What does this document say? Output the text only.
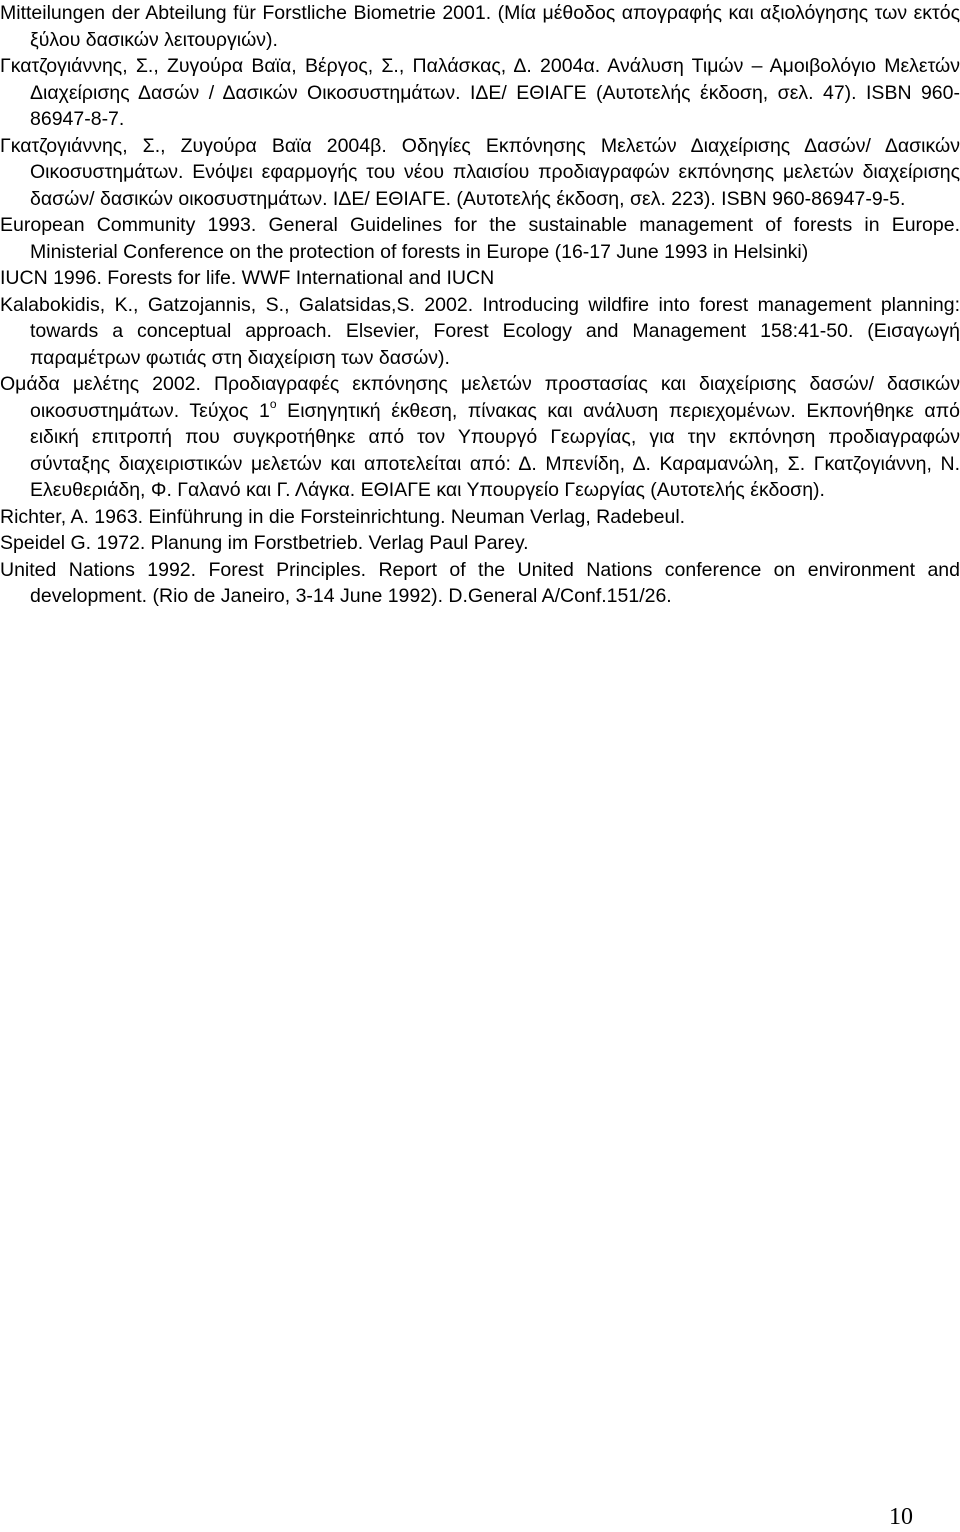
Mitteilungen der Abteilung für Forstliche Biometrie 2001. (Μία μέθοδος απογραφής και αξιολόγησης των εκτός ξύλου δασικών λειτουργιών).
Γκατζογιάννης, Σ., Ζυγούρα Βαϊα, Βέργος, Σ., Παλάσκας, Δ. 2004α. Ανάλυση Τιμών – Αμοιβολόγιο Μελετών Διαχείρισης Δασών / Δασικών Οικοσυστημάτων. ΙΔΕ/ ΕΘΙΑΓΕ (Αυτοτελής έκδοση, σελ. 47). ISBN 960-86947-8-7.
Γκατζογιάννης, Σ., Ζυγούρα Βαϊα 2004β. Οδηγίες Εκπόνησης Μελετών Διαχείρισης Δασών/ Δασικών Οικοσυστημάτων. Ενόψει εφαρμογής του νέου πλαισίου προδιαγραφών εκπόνησης μελετών διαχείρισης δασών/ δασικών οικοσυστημάτων. ΙΔΕ/ ΕΘΙΑΓΕ. (Αυτοτελής έκδοση, σελ. 223). ISBN 960-86947-9-5.
European Community 1993. General Guidelines for the sustainable management of forests in Europe. Ministerial Conference on the protection of forests in Europe (16-17 June 1993 in Helsinki)
IUCN 1996. Forests for life. WWF International and IUCN
Kalabokidis, K., Gatzojannis, S., Galatsidas,S. 2002. Introducing wildfire into forest management planning: towards a conceptual approach. Elsevier, Forest Ecology and Management 158:41-50. (Εισαγωγή παραμέτρων φωτιάς στη διαχείριση των δασών).
Ομάδα μελέτης 2002. Προδιαγραφές εκπόνησης μελετών προστασίας και διαχείρισης δασών/ δασικών οικοσυστημάτων. Τεύχος $1^o$ Εισηγητική έκθεση, πίνακας και ανάλυση περιεχομένων. Εκπονήθηκε από ειδική επιτροπή που συγκροτήθηκε από τον Υπουργό Γεωργίας, για την εκπόνηση προδιαγραφών σύνταξης διαχειριστικών μελετών και αποτελείται από: Δ. Μπενίδη, Δ. Καραμανώλη, Σ. Γκατζογιάννη, Ν. Ελευθεριάδη, Φ. Γαλανό και Γ. Λάγκα. ΕΘΙΑΓΕ και Υπουργείο Γεωργίας (Αυτοτελής έκδοση).
Richter, A. 1963. Einführung in die Forsteinrichtung. Neuman Verlag, Radebeul.
Speidel G. 1972. Planung im Forstbetrieb. Verlag Paul Parey.
United Nations 1992. Forest Principles. Report of the United Nations conference on environment and development. (Rio de Janeiro, 3-14 June 1992). D.General A/Conf.151/26.
10
